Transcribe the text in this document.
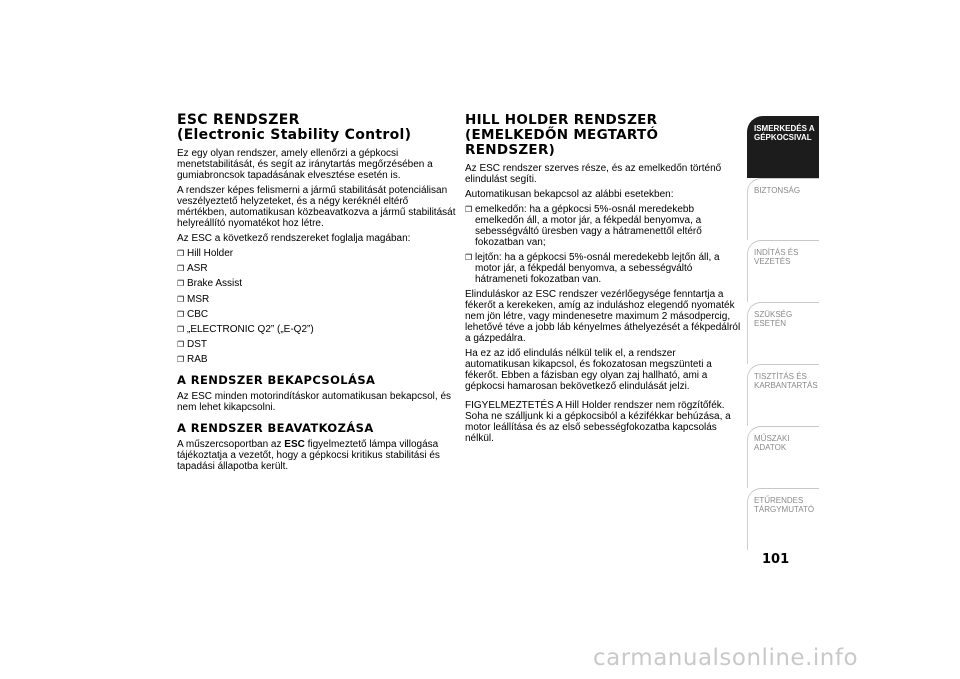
ESC RENDSZER
(Electronic Stability Control)

Ez egy olyan rendszer, amely ellenőrzi a gépkocsi menetstabilitását, és segít az iránytartás megőrzésében a gumiabroncsok tapadásának elvesztése esetén is.

A rendszer képes felismerni a jármű stabilitását potenciálisan veszélyeztető helyzeteket, és a négy keréknél eltérő mértékben, automatikusan közbeavatkozva a jármű stabilitását helyreállító nyomatékot hoz létre.

Az ESC a következő rendszereket foglalja magában:

❐ Hill Holder
❐ ASR
❐ Brake Assist
❐ MSR
❐ CBC
❐ „ELECTRONIC Q2” („E-Q2”)
❐ DST
❐ RAB
A RENDSZER BEKAPCSOLÁSA

Az ESC minden motorindításkor automatikusan bekapcsol, és nem lehet kikapcsolni.

A RENDSZER BEAVATKOZÁSA

A műszercsoportban az ESC figyelmeztető lámpa villogása tájékoztatja a vezetőt, hogy a gépkocsi kritikus stabilitási és tapadási állapotba került.

HILL HOLDER RENDSZER
(EMELKEDŐN MEGTARTÓ RENDSZER)

Az ESC rendszer szerves része, és az emelkedőn történő elindulást segíti.

Automatikusan bekapcsol az alábbi esetekben:

❐ emelkedőn: ha a gépkocsi 5%-osnál meredekebb emelkedőn áll, a motor jár, a fékpedál benyomva, a sebességváltó üresben vagy a hátramenettől eltérő fokozatban van;
❐ lejtőn: ha a gépkocsi 5%-osnál meredekebb lejtőn áll, a motor jár, a fékpedál benyomva, a sebességváltó hátrameneti fokozatban van.

Elinduláskor az ESC rendszer vezérlőegysége fenntartja a fékerőt a kerekeken, amíg az induláshoz elegendő nyomaték nem jön létre, vagy mindenesetre maximum 2 másodpercig, lehetővé téve a jobb láb kényelmes áthelyezését a fékpedálról a gázpedálra.

Ha ez az idő elindulás nélkül telik el, a rendszer automatikusan kikapcsol, és fokozatosan megszünteti a fékerőt. Ebben a fázisban egy olyan zaj hallható, ami a gépkocsi hamarosan bekövetkező elindulását jelzi.

FIGYELMEZTETÉS A Hill Holder rendszer nem rögzítőfék. Soha ne szálljunk ki a gépkocsiból a kézifékkar behúzása, a motor leállítása és az első sebességfokozatba kapcsolás nélkül.

ISMERKEDÉS A
GÉPKOCSIVAL
BIZTONSÁG
INDÍTÁS ÉS VEZETÉS
SZÜKSÉG ESETÉN
TISZTÍTÁS ÉS
KARBANTARTÁS
MŰSZAKI ADATOK
ETŰRENDES
TÁRGYMUTATÓ
101
carmanualsonline.info
